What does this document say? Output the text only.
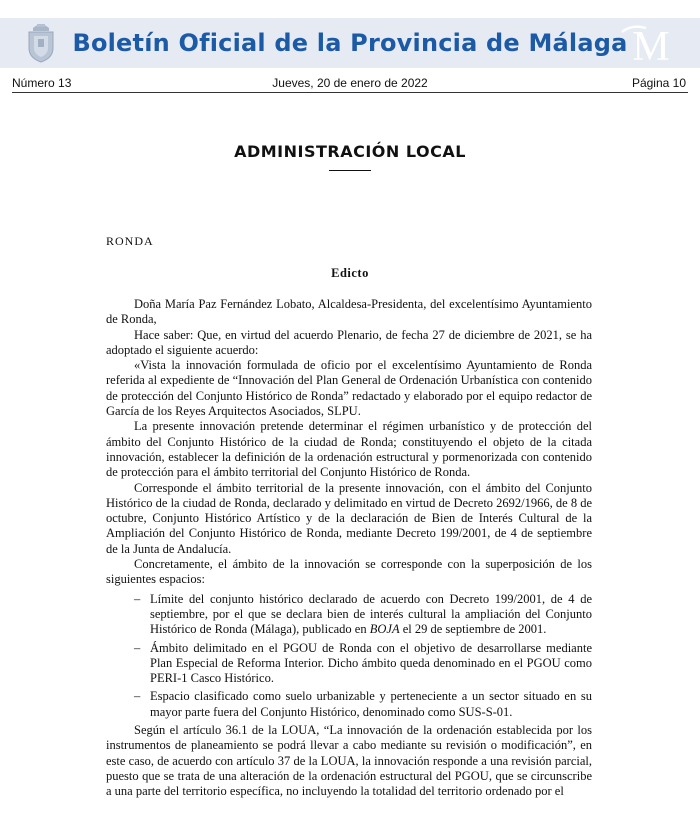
Boletín Oficial de la Provincia de Málaga M
Número 13	Jueves, 20 de enero de 2022	Página 10
ADMINISTRACIÓN LOCAL
RONDA
Edicto

Doña María Paz Fernández Lobato, Alcaldesa-Presidenta, del excelentísimo Ayuntamiento de Ronda,

Hace saber: Que, en virtud del acuerdo Plenario, de fecha 27 de diciembre de 2021, se ha adoptado el siguiente acuerdo:

«Vista la innovación formulada de oficio por el excelentísimo Ayuntamiento de Ronda referida al expediente de “Innovación del Plan General de Ordenación Urbanística con contenido de protección del Conjunto Histórico de Ronda” redactado y elaborado por el equipo redactor de García de los Reyes Arquitectos Asociados, SLPU.

La presente innovación pretende determinar el régimen urbanístico y de protección del ámbito del Conjunto Histórico de la ciudad de Ronda; constituyendo el objeto de la citada innovación, establecer la definición de la ordenación estructural y pormenorizada con contenido de protección para el ámbito territorial del Conjunto Histórico de Ronda.

Corresponde el ámbito territorial de la presente innovación, con el ámbito del Conjunto Histórico de la ciudad de Ronda, declarado y delimitado en virtud de Decreto 2692/1966, de 8 de octubre, Conjunto Histórico Artístico y de la declaración de Bien de Interés Cultural de la Ampliación del Conjunto Histórico de Ronda, mediante Decreto 199/2001, de 4 de septiembre de la Junta de Andalucía.

Concretamente, el ámbito de la innovación se corresponde con la superposición de los siguientes espacios:

– Límite del conjunto histórico declarado de acuerdo con Decreto 199/2001, de 4 de septiembre, por el que se declara bien de interés cultural la ampliación del Conjunto Histórico de Ronda (Málaga), publicado en BOJA el 29 de septiembre de 2001.
– Ámbito delimitado en el PGOU de Ronda con el objetivo de desarrollarse mediante Plan Especial de Reforma Interior. Dicho ámbito queda denominado en el PGOU como PERI-1 Casco Histórico.
– Espacio clasificado como suelo urbanizable y perteneciente a un sector situado en su mayor parte fuera del Conjunto Histórico, denominado como SUS-S-01.

Según el artículo 36.1 de la LOUA, “La innovación de la ordenación establecida por los instrumentos de planeamiento se podrá llevar a cabo mediante su revisión o modificación”, en este caso, de acuerdo con artículo 37 de la LOUA, la innovación responde a una revisión parcial, puesto que se trata de una alteración de la ordenación estructural del PGOU, que se circunscribe a una parte del territorio específica, no incluyendo la totalidad del territorio ordenado por el
